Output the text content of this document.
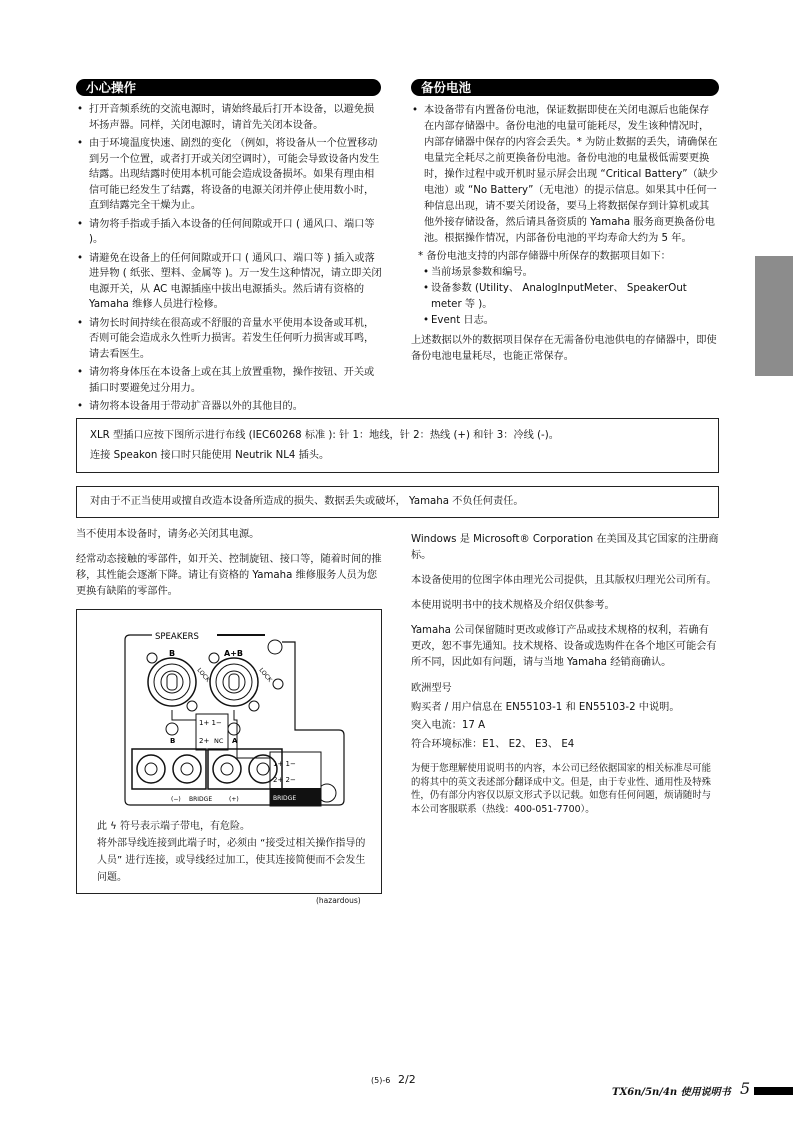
小心操作
• 打开音频系统的交流电源时，请始终最后打开本设备，以避免损坏扬声器。同样，关闭电源时，请首先关闭本设备。
• 由于环境温度快速、剧烈的变化 （例如，将设备从一个位置移动到另一个位置，或者打开或关闭空调时），可能会导致设备内发生结露。出现结露时使用本机可能会造成设备损坏。如果有理由相信可能已经发生了结露，将设备的电源关闭并停止使用数小时，直到结露完全干燥为止。
• 请勿将手指或手插入本设备的任何间隙或开口 ( 通风口、端口等 )。
• 请避免在设备上的任何间隙或开口 ( 通风口、端口等 ) 插入或落进异物 ( 纸张、塑料、金属等 )。万一发生这种情况，请立即关闭电源开关，从 AC 电源插座中拔出电源插头。然后请有资格的 Yamaha 维修人员进行检修。
• 请勿长时间持续在很高或不舒服的音量水平使用本设备或耳机，否则可能会造成永久性听力损害。若发生任何听力损害或耳鸣，请去看医生。
• 请勿将身体压在本设备上或在其上放置重物，操作按钮、开关或插口时要避免过分用力。
• 请勿将本设备用于带动扩音器以外的其他目的。
备份电池
• 本设备带有内置备份电池，保证数据即使在关闭电源后也能保存在内部存储器中。备份电池的电量可能耗尽，发生该种情况时，内部存储器中保存的内容会丢失。* 为防止数据的丢失，请确保在电量完全耗尽之前更换备份电池。备份电池的电量极低需要更换时，操作过程中或开机时显示屏会出现 “Critical Battery”（缺少电池）或 “No Battery”（无电池）的提示信息。如果其中任何一种信息出现，请不要关闭设备，要马上将数据保存到计算机或其他外接存储设备，然后请具备资质的 Yamaha 服务商更换备份电池。根据操作情况，内部备份电池的平均寿命大约为 5 年。
* 备份电池支持的内部存储器中所保存的数据项目如下：
• 当前场景参数和编号。
• 设备参数 (Utility、 AnalogInputMeter、 SpeakerOut meter 等 )。
• Event 日志。
上述数据以外的数据项目保存在无需备份电池供电的存储器中，即使备份电池电量耗尽，也能正常保存。
XLR 型插口应按下图所示进行布线 (IEC60268 标准 ): 针 1：地线，针 2：热线 (+) 和针 3：冷线 (-)。
连接 Speakon 接口时只能使用 Neutrik NL4 插头。
对由于不正当使用或擅自改造本设备所造成的损失、数据丢失或破坏， Yamaha 不负任何责任。

当不使用本设备时，请务必关闭其电源。

经常动态接触的零部件，如开关、控制旋钮、接口等，随着时间的推移，其性能会逐渐下降。请让有资格的 Yamaha 维修服务人员为您更换有缺陷的零部件。

SPEAKERS
B	A+B
LOCK	LOCK
1+ 1−
2+ NC
1+ 1−
2+ 2−
BRIDGE
B	A
(−) BRIDGE	(+)
此 ϟ 符号表示端子带电，有危险。
将外部导线连接到此端子时，必须由 “接受过相关操作指导的人员” 进行连接，或导线经过加工，使其连接简便而不会发生问题。
(hazardous)

Windows 是 Microsoft® Corporation 在美国及其它国家的注册商标。

本设备使用的位图字体由理光公司提供，且其版权归理光公司所有。

本使用说明书中的技术规格及介绍仅供参考。

Yamaha 公司保留随时更改或修订产品或技术规格的权利，若确有更改，恕不事先通知。技术规格、设备或选购件在各个地区可能会有所不同，因此如有问题，请与当地 Yamaha 经销商确认。

欧洲型号
购买者 / 用户信息在 EN55103-1 和 EN55103-2 中说明。
突入电流：17 A
符合环境标准：E1、 E2、 E3、 E4

为便于您理解使用说明书的内容，本公司已经依据国家的相关标准尽可能的将其中的英文表述部分翻译成中文。但是，由于专业性、通用性及特殊性，仍有部分内容仅以原文形式予以记载。如您有任何问题，烦请随时与本公司客服联系（热线：400-051-7700）。

(5)-6 2/2
TX6n/5n/4n 使用说明书 5
